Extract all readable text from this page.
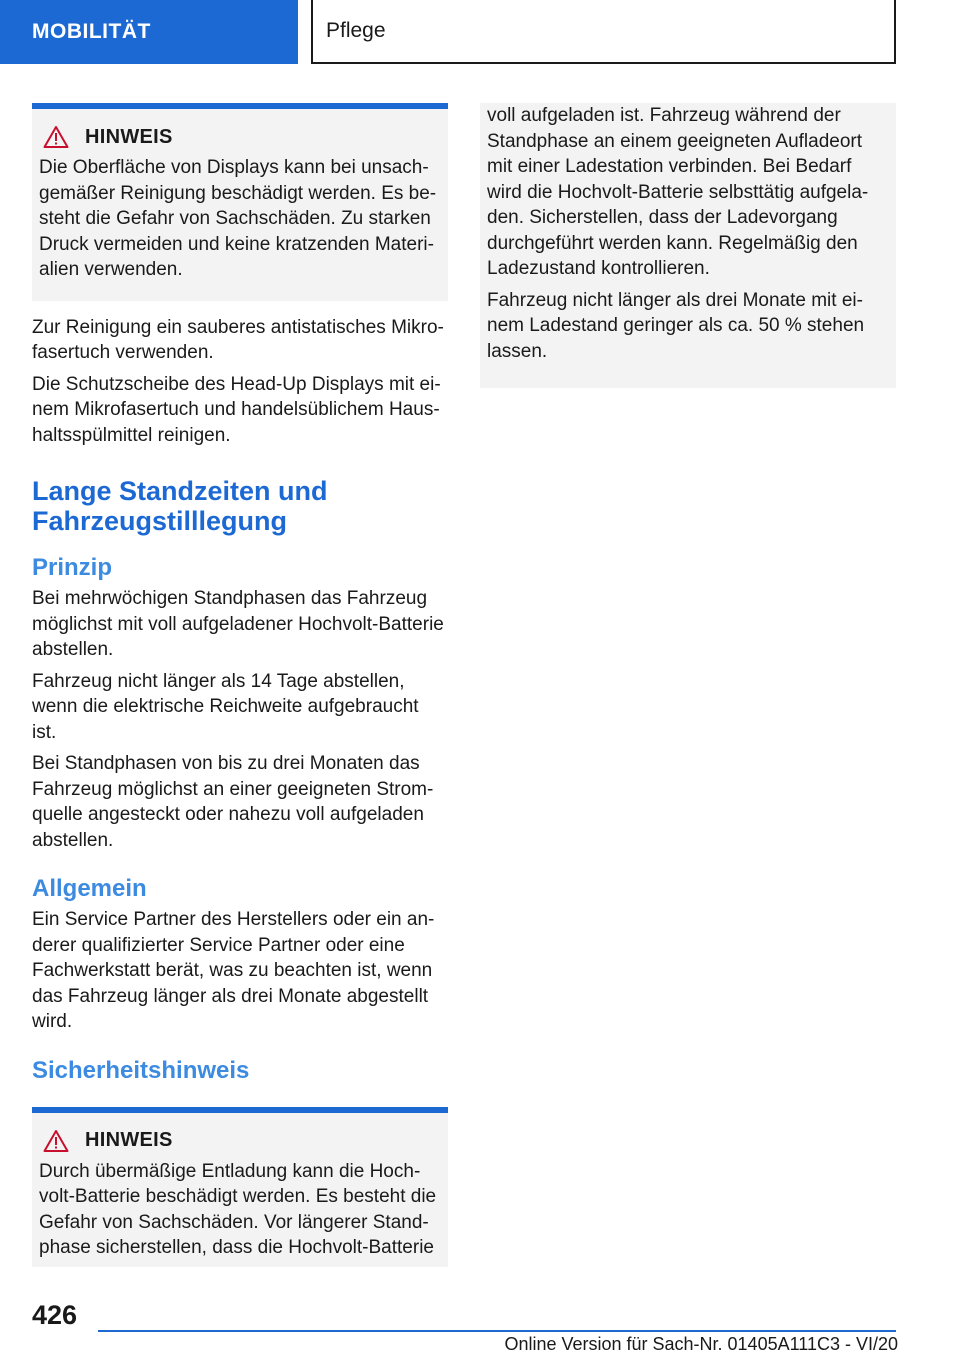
MOBILITÄT	Pflege
HINWEIS

Die Oberfläche von Displays kann bei unsachgemäßer Reinigung beschädigt werden. Es besteht die Gefahr von Sachschäden. Zu starken Druck vermeiden und keine kratzenden Materialien verwenden.

Zur Reinigung ein sauberes antistatisches Mikrofasertuch verwenden.

Die Schutzscheibe des Head-Up Displays mit einem Mikrofasertuch und handelsüblichem Haushaltsspülmittel reinigen.

Lange Standzeiten und Fahrzeugstilllegung
Prinzip

Bei mehrwöchigen Standphasen das Fahrzeug möglichst mit voll aufgeladener Hochvolt-Batterie abstellen.

Fahrzeug nicht länger als 14 Tage abstellen, wenn die elektrische Reichweite aufgebraucht ist.

Bei Standphasen von bis zu drei Monaten das Fahrzeug möglichst an einer geeigneten Stromquelle angesteckt oder nahezu voll aufgeladen abstellen.

Allgemein

Ein Service Partner des Herstellers oder ein anderer qualifizierter Service Partner oder eine Fachwerkstatt berät, was zu beachten ist, wenn das Fahrzeug länger als drei Monate abgestellt wird.

Sicherheitshinweis
HINWEIS

Durch übermäßige Entladung kann die Hochvolt-Batterie beschädigt werden. Es besteht die Gefahr von Sachschäden. Vor längerer Standphase sicherstellen, dass die Hochvolt-Batterie

voll aufgeladen ist. Fahrzeug während der Standphase an einem geeigneten Aufladeort mit einer Ladestation verbinden. Bei Bedarf wird die Hochvolt-Batterie selbsttätig aufgeladen. Sicherstellen, dass der Ladevorgang durchgeführt werden kann. Regelmäßig den Ladezustand kontrollieren.

Fahrzeug nicht länger als drei Monate mit einem Ladestand geringer als ca. 50 % stehen lassen.

426
Online Version für Sach-Nr. 01405A111C3 - VI/20
